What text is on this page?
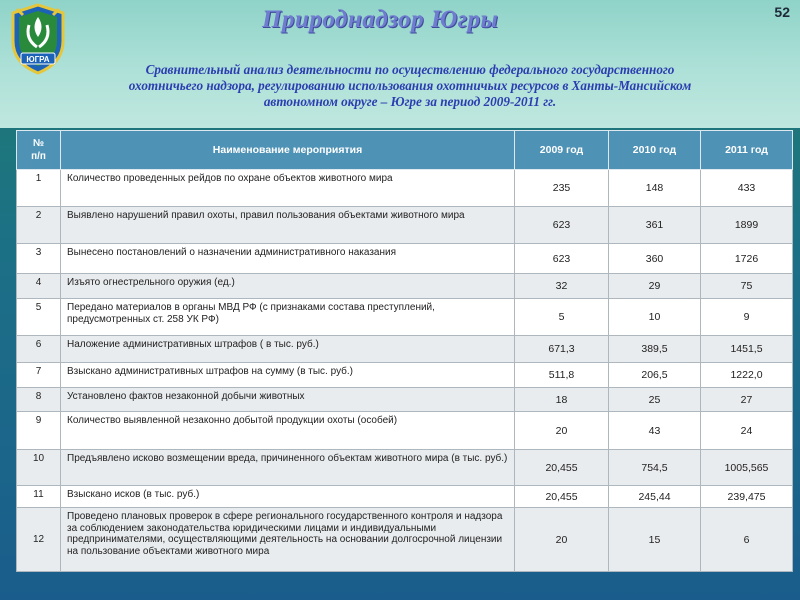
ЮГРА
Природнадзор Югры	52
Сравнительный анализ деятельности по осуществлению федерального государственного
охотничьего надзора, регулированию использования охотничьих ресурсов в Ханты-Мансийском
автономном округе – Югре за период 2009-2011 гг.
№
п/п	Наименование мероприятия	2009 год	2010 год	2011 год
1	Количество проведенных рейдов по охране объектов животного мира	235	148	433
2	Выявлено нарушений правил охоты, правил пользования объектами животного мира	623	361	1899
3	Вынесено постановлений о назначении административного наказания	623	360	1726
4	Изъято огнестрельного оружия (ед.)	32	29	75
5	Передано материалов в органы МВД РФ (с признаками состава преступлений, предусмотренных ст. 258 УК РФ)	5	10	9
6	Наложение административных штрафов ( в тыс. руб.)	671,3	389,5	1451,5
7	Взыскано административных штрафов на сумму (в тыс. руб.)	511,8	206,5	1222,0
8	Установлено фактов незаконной добычи животных	18	25	27
9	Количество выявленной незаконно добытой продукции охоты (особей)	20	43	24
10	Предъявлено исково возмещении вреда, причиненного объектам животного мира (в тыс. руб.)	20,455	754,5	1005,565
11	Взыскано исков (в тыс. руб.)	20,455	245,44	239,475
12	Проведено плановых проверок в сфере регионального государственного контроля и надзора за соблюдением законодательства юридическими лицами и индивидуальными предпринимателями, осуществляющими деятельность на основании долгосрочной лицензии на пользование объектами животного мира	20	15	6
